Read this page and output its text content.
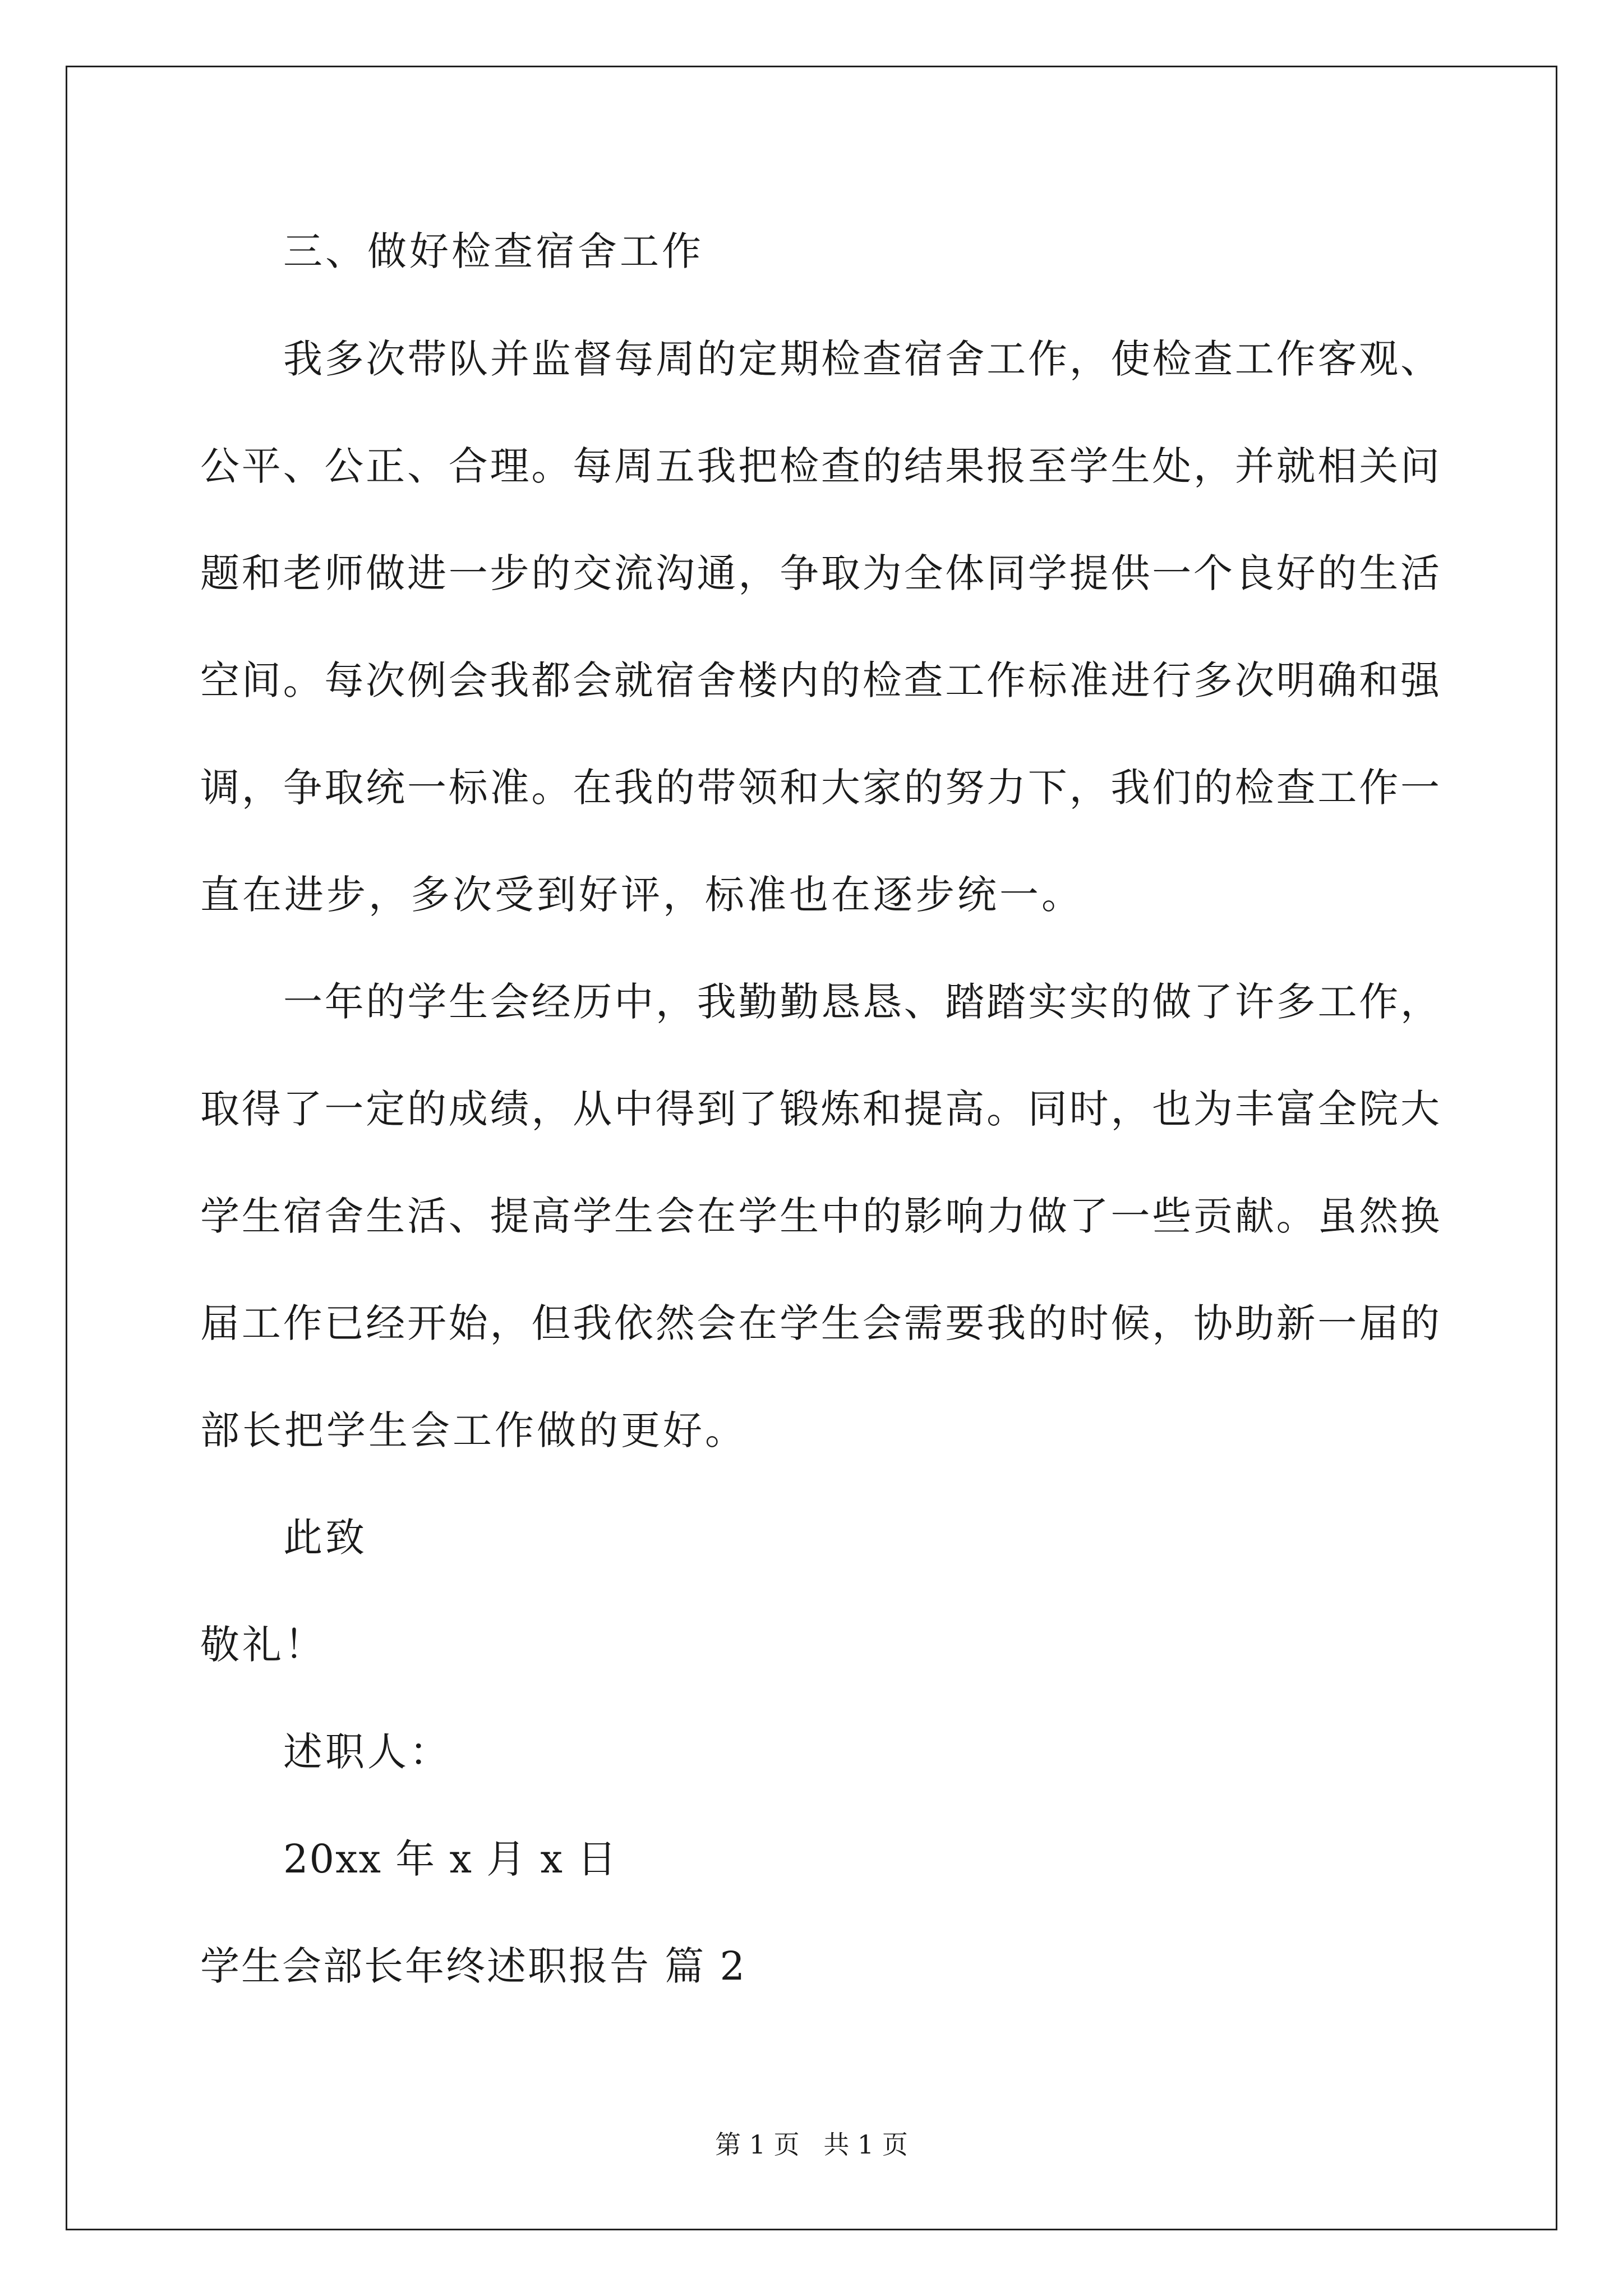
三、做好检查宿舍工作
我多次带队并监督每周的定期检查宿舍工作，使检查工作客观、
公平、公正、合理。每周五我把检查的结果报至学生处，并就相关问
题和老师做进一步的交流沟通，争取为全体同学提供一个良好的生活
空间。每次例会我都会就宿舍楼内的检查工作标准进行多次明确和强
调，争取统一标准。在我的带领和大家的努力下，我们的检查工作一
直在进步，多次受到好评，标准也在逐步统一。
一年的学生会经历中，我勤勤恳恳、踏踏实实的做了许多工作，
取得了一定的成绩，从中得到了锻炼和提高。同时，也为丰富全院大
学生宿舍生活、提高学生会在学生中的影响力做了一些贡献。虽然换
届工作已经开始，但我依然会在学生会需要我的时候，协助新一届的
部长把学生会工作做的更好。
此致
敬礼！
述职人：
20xx 年 x 月 x 日
学生会部长年终述职报告 篇 2
第 1 页 共 1 页
